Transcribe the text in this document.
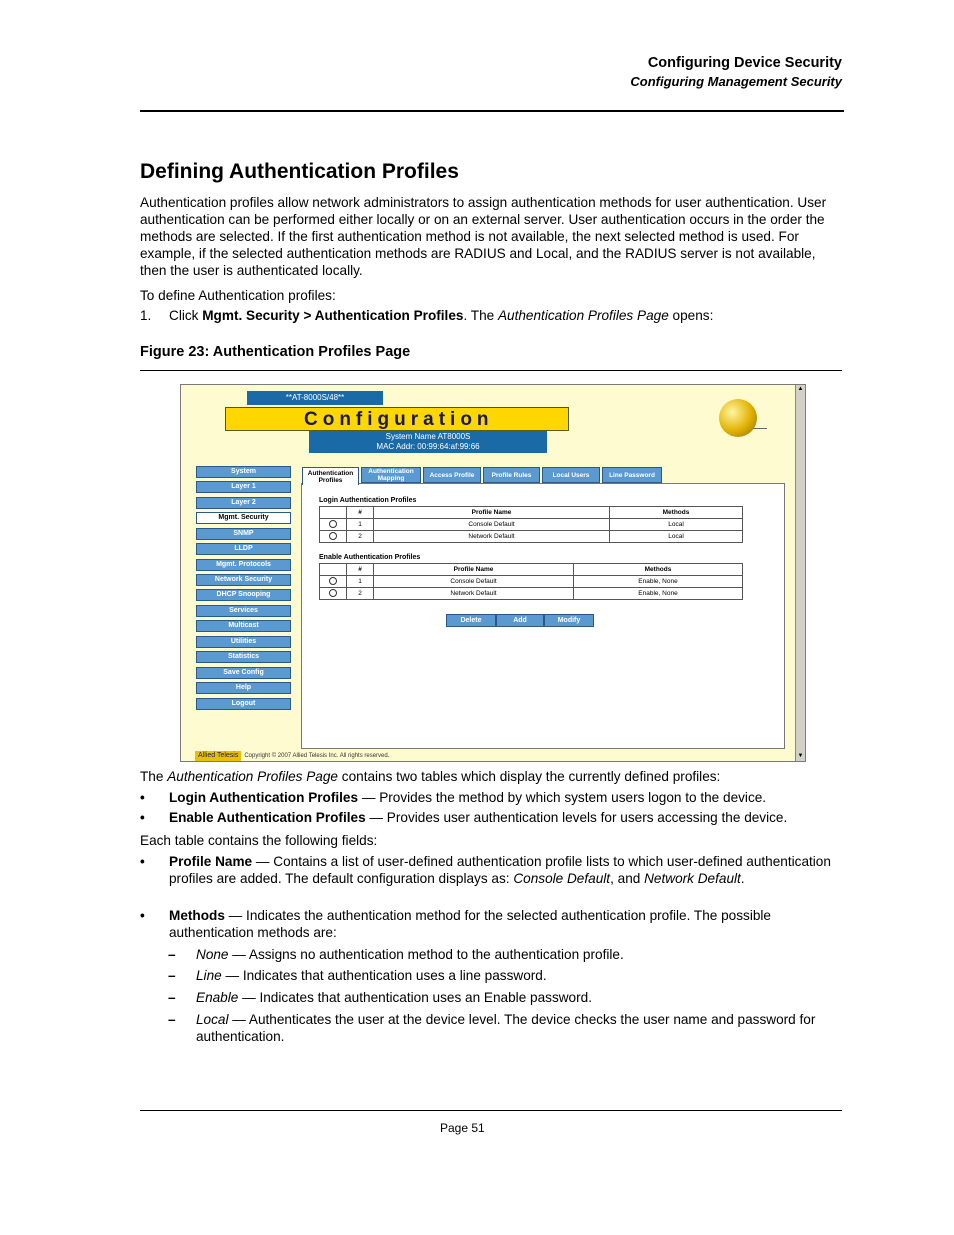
Configuring Device Security
Configuring Management Security
Defining Authentication Profiles

Authentication profiles allow network administrators to assign authentication methods for user authentication. User authentication can be performed either locally or on an external server. User authentication occurs in the order the methods are selected. If the first authentication method is not available, the next selected method is used. For example, if the selected authentication methods are RADIUS and Local, and the RADIUS server is not available, then the user is authenticated locally.

To define Authentication profiles:

1. Click Mgmt. Security > Authentication Profiles. The Authentication Profiles Page opens:
Figure 23: Authentication Profiles Page
**AT-8000S/48**
Configuration
System Name AT8000S
MAC Addr: 00:99:64:af:99:66
System
Layer 1
Layer 2
Mgmt. Security
SNMP
LLDP
Mgmt. Protocols
Network Security
DHCP Snooping
Services
Multicast
Utilities
Statistics
Save Config
Help
Logout
Authentication Profiles
Authentication Mapping	Access Profile	Profile Rules	Local Users	Line Password
Login Authentication Profiles
	#	Profile Name	Methods
	1	Console Default	Local
	2	Network Default	Local
Enable Authentication Profiles
	#	Profile Name	Methods
	1	Console Default	Enable, None
	2	Network Default	Enable, None
Delete	Add	Modify
Allied Telesis Copyright © 2007 Allied Telesis Inc. All rights reserved.
▲
▼
The Authentication Profiles Page contains two tables which display the currently defined profiles:
• Login Authentication Profiles — Provides the method by which system users logon to the device.
• Enable Authentication Profiles — Provides user authentication levels for users accessing the device.
Each table contains the following fields:
• Profile Name — Contains a list of user-defined authentication profile lists to which user-defined authentication profiles are added. The default configuration displays as: Console Default, and Network Default.
• Methods — Indicates the authentication method for the selected authentication profile. The possible authentication methods are:
– None — Assigns no authentication method to the authentication profile.
– Line — Indicates that authentication uses a line password.
– Enable — Indicates that authentication uses an Enable password.
– Local — Authenticates the user at the device level. The device checks the user name and password for authentication.
Page 51
